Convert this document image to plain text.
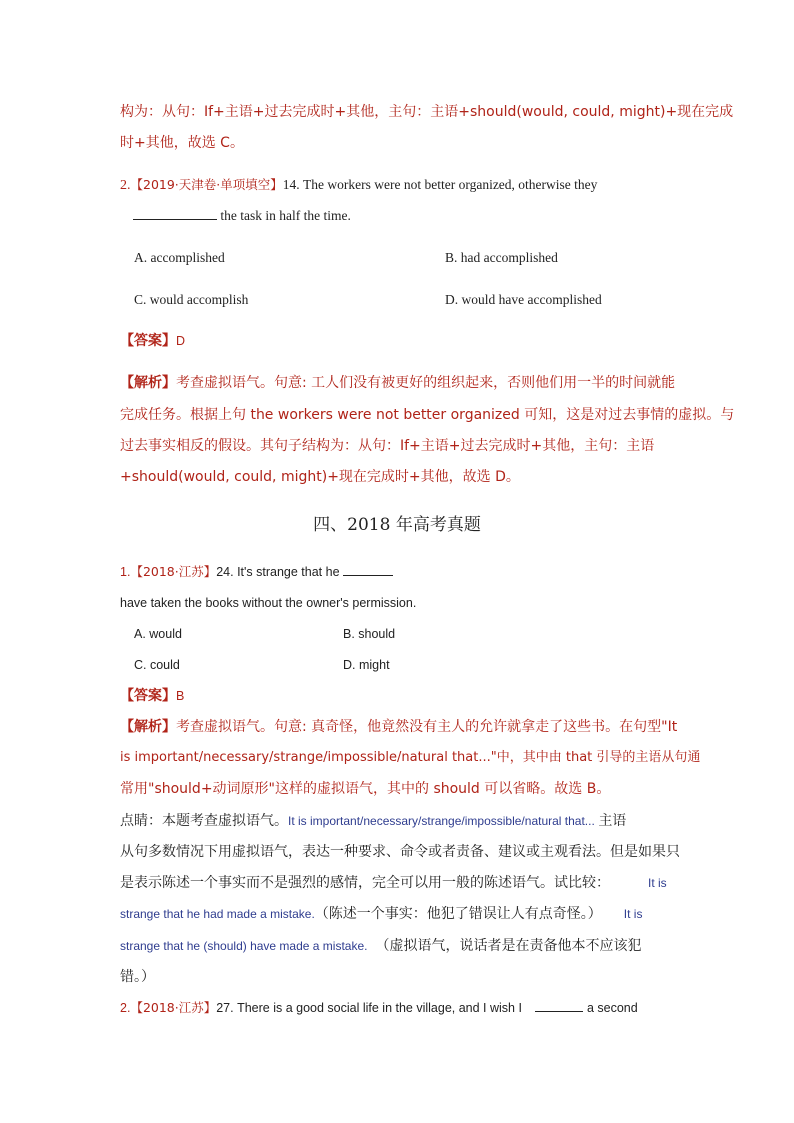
构为：从句：If+主语+过去完成时+其他，主句：主语+should(would, could, might)+现在完成
时+其他，故选 C。
2.【2019·天津卷·单项填空】14. The workers were not better organized, otherwise they
the task in half the time.
A. accomplished	B. had accomplished
C. would accomplish	D. would have accomplished
【答案】D
【解析】考查虚拟语气。句意: 工人们没有被更好的组织起来，否则他们用一半的时间就能
完成任务。根据上句 the workers were not better organized 可知，这是对过去事情的虚拟。与
过去事实相反的假设。其句子结构为：从句：If+主语+过去完成时+其他，主句：主语
+should(would, could, might)+现在完成时+其他，故选 D。
四、2018 年高考真题
1.【2018·江苏】24. It's strange that he
have taken the books without the owner's permission.
A. would	B. should
C. could	D. might
【答案】B
【解析】考查虚拟语气。句意: 真奇怪，他竟然没有主人的允许就拿走了这些书。在句型"It
is important/necessary/strange/impossible/natural that..."中，其中由 that 引导的主语从句通
常用"should+动词原形"这样的虚拟语气，其中的 should 可以省略。故选 B。
点睛：本题考查虚拟语气。It is important/necessary/strange/impossible/natural that... 主语
从句多数情况下用虚拟语气，表达一种要求、命令或者责备、建议或主观看法。但是如果只
是表示陈述一个事实而不是强烈的感情，完全可以用一般的陈述语气。试比较：	It is
strange that he had made a mistake.（陈述一个事实：他犯了错误让人有点奇怪。） It is
strange that he (should) have made a mistake. （虚拟语气，说话者是在责备他本不应该犯
错。）
2.【2018·江苏】27. There is a good social life in the village, and I wish I	a second
